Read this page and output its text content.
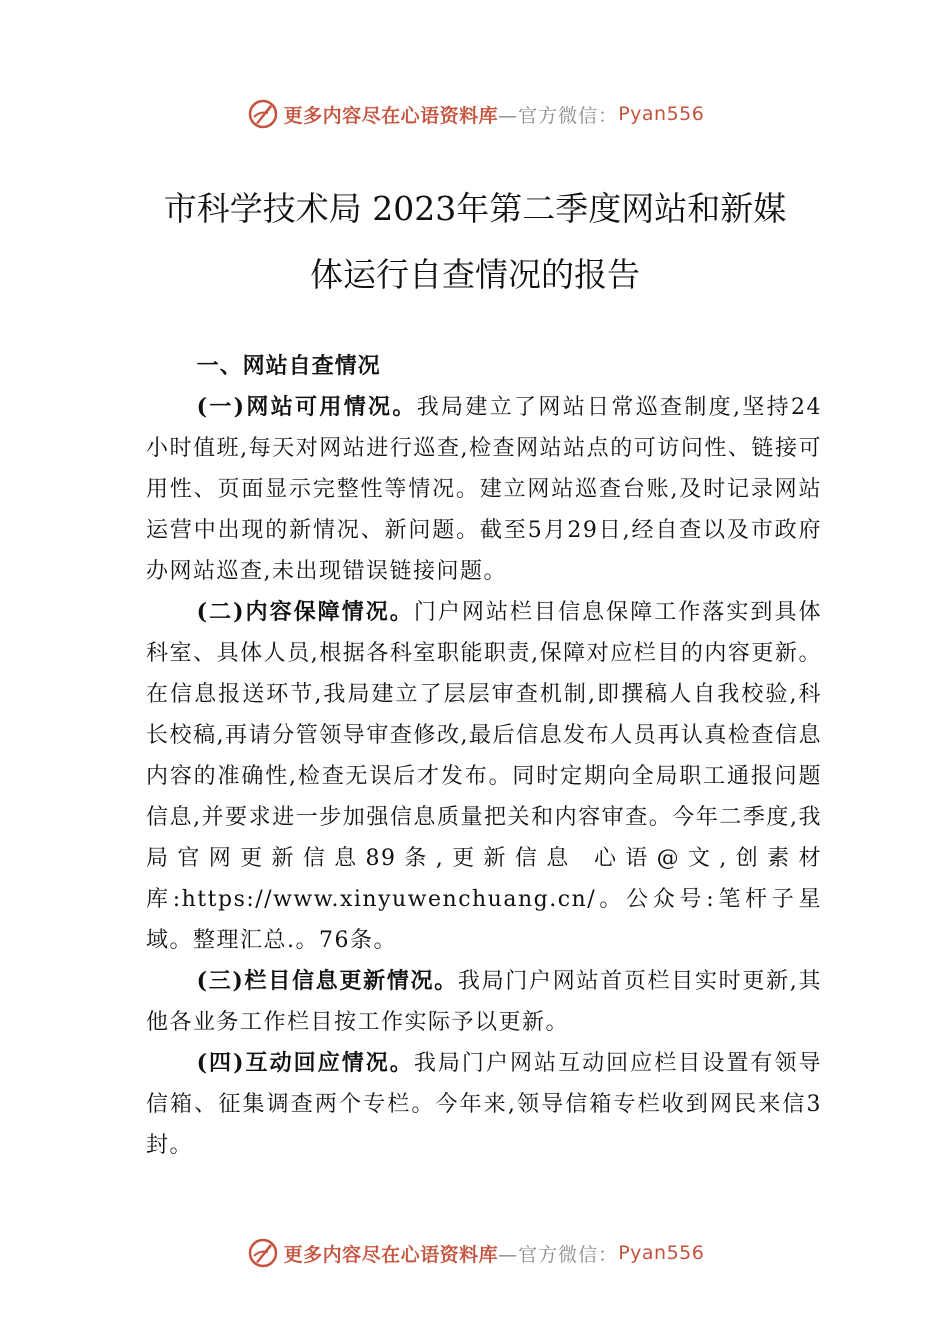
更多内容尽在心语资料库 —官方微信： Pyan556
市科学技术局 2023年第二季度网站和新媒
体运行自查情况的报告

一、网站自查情况

(一)网站可用情况。我局建立了网站日常巡查制度,坚持24小时值班,每天对网站进行巡查,检查网站站点的可访问性、链接可用性、页面显示完整性等情况。建立网站巡查台账,及时记录网站运营中出现的新情况、新问题。截至5月29日,经自查以及市政府办网站巡查,未出现错误链接问题。

(二)内容保障情况。门户网站栏目信息保障工作落实到具体科室、具体人员,根据各科室职能职责,保障对应栏目的内容更新。在信息报送环节,我局建立了层层审查机制,即撰稿人自我校验,科长校稿,再请分管领导审查修改,最后信息发布人员再认真检查信息内容的准确性,检查无误后才发布。同时定期向全局职工通报问题信息,并要求进一步加强信息质量把关和内容审查。今年二季度,我局官网更新信息89条,更新信息 心语@文,创素材库:https://www.xinyuwenchuang.cn/。公众号:笔杆子星域。整理汇总.。76条。

(三)栏目信息更新情况。我局门户网站首页栏目实时更新,其他各业务工作栏目按工作实际予以更新。

(四)互动回应情况。我局门户网站互动回应栏目设置有领导信箱、征集调查两个专栏。今年来,领导信箱专栏收到网民来信3封。

更多内容尽在心语资料库 —官方微信： Pyan556
